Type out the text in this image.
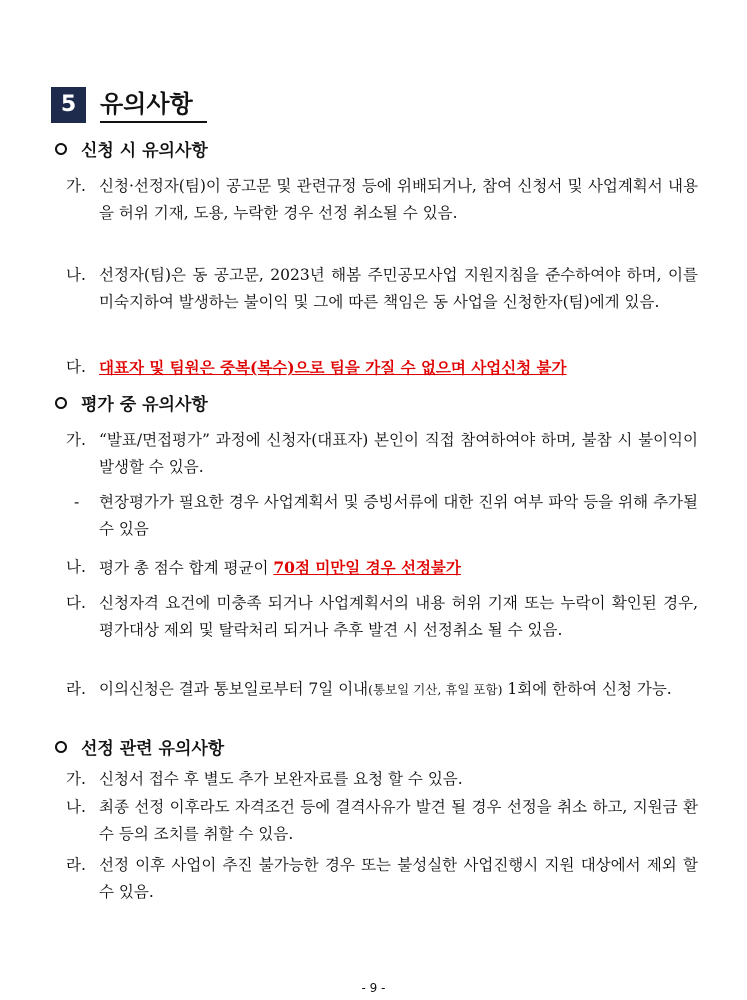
5 유의사항
신청 시 유의사항
가. 신청·선정자(팀)이 공고문 및 관련규정 등에 위배되거나, 참여 신청서 및 사업계획서 내용을 허위 기재, 도용, 누락한 경우 선정 취소될 수 있음.
나. 선정자(팀)은 동 공고문, 2023년 해봄 주민공모사업 지원지침을 준수하여야 하며, 이를 미숙지하여 발생하는 불이익 및 그에 따른 책임은 동 사업을 신청한자(팀)에게 있음.
다. 대표자 및 팀원은 중복(복수)으로 팀을 가질 수 없으며 사업신청 불가
평가 중 유의사항
가. “발표/면접평가” 과정에 신청자(대표자) 본인이 직접 참여하여야 하며, 불참 시 불이익이 발생할 수 있음.
-	현장평가가 필요한 경우 사업계획서 및 증빙서류에 대한 진위 여부 파악 등을 위해 추가될 수 있음
나. 평가 총 점수 합계 평균이 70점 미만일 경우 선정불가
다. 신청자격 요건에 미충족 되거나 사업계획서의 내용 허위 기재 또는 누락이 확인된 경우, 평가대상 제외 및 탈락처리 되거나 추후 발견 시 선정취소 될 수 있음.
라. 이의신청은 결과 통보일로부터 7일 이내(통보일 기산, 휴일 포함) 1회에 한하여 신청 가능.
선정 관련 유의사항
가. 신청서 접수 후 별도 추가 보완자료를 요청 할 수 있음.
나. 최종 선정 이후라도 자격조건 등에 결격사유가 발견 될 경우 선정을 취소 하고, 지원금 환수 등의 조치를 취할 수 있음.
라. 선정 이후 사업이 추진 불가능한 경우 또는 불성실한 사업진행시 지원 대상에서 제외 할 수 있음.
- 9 -
